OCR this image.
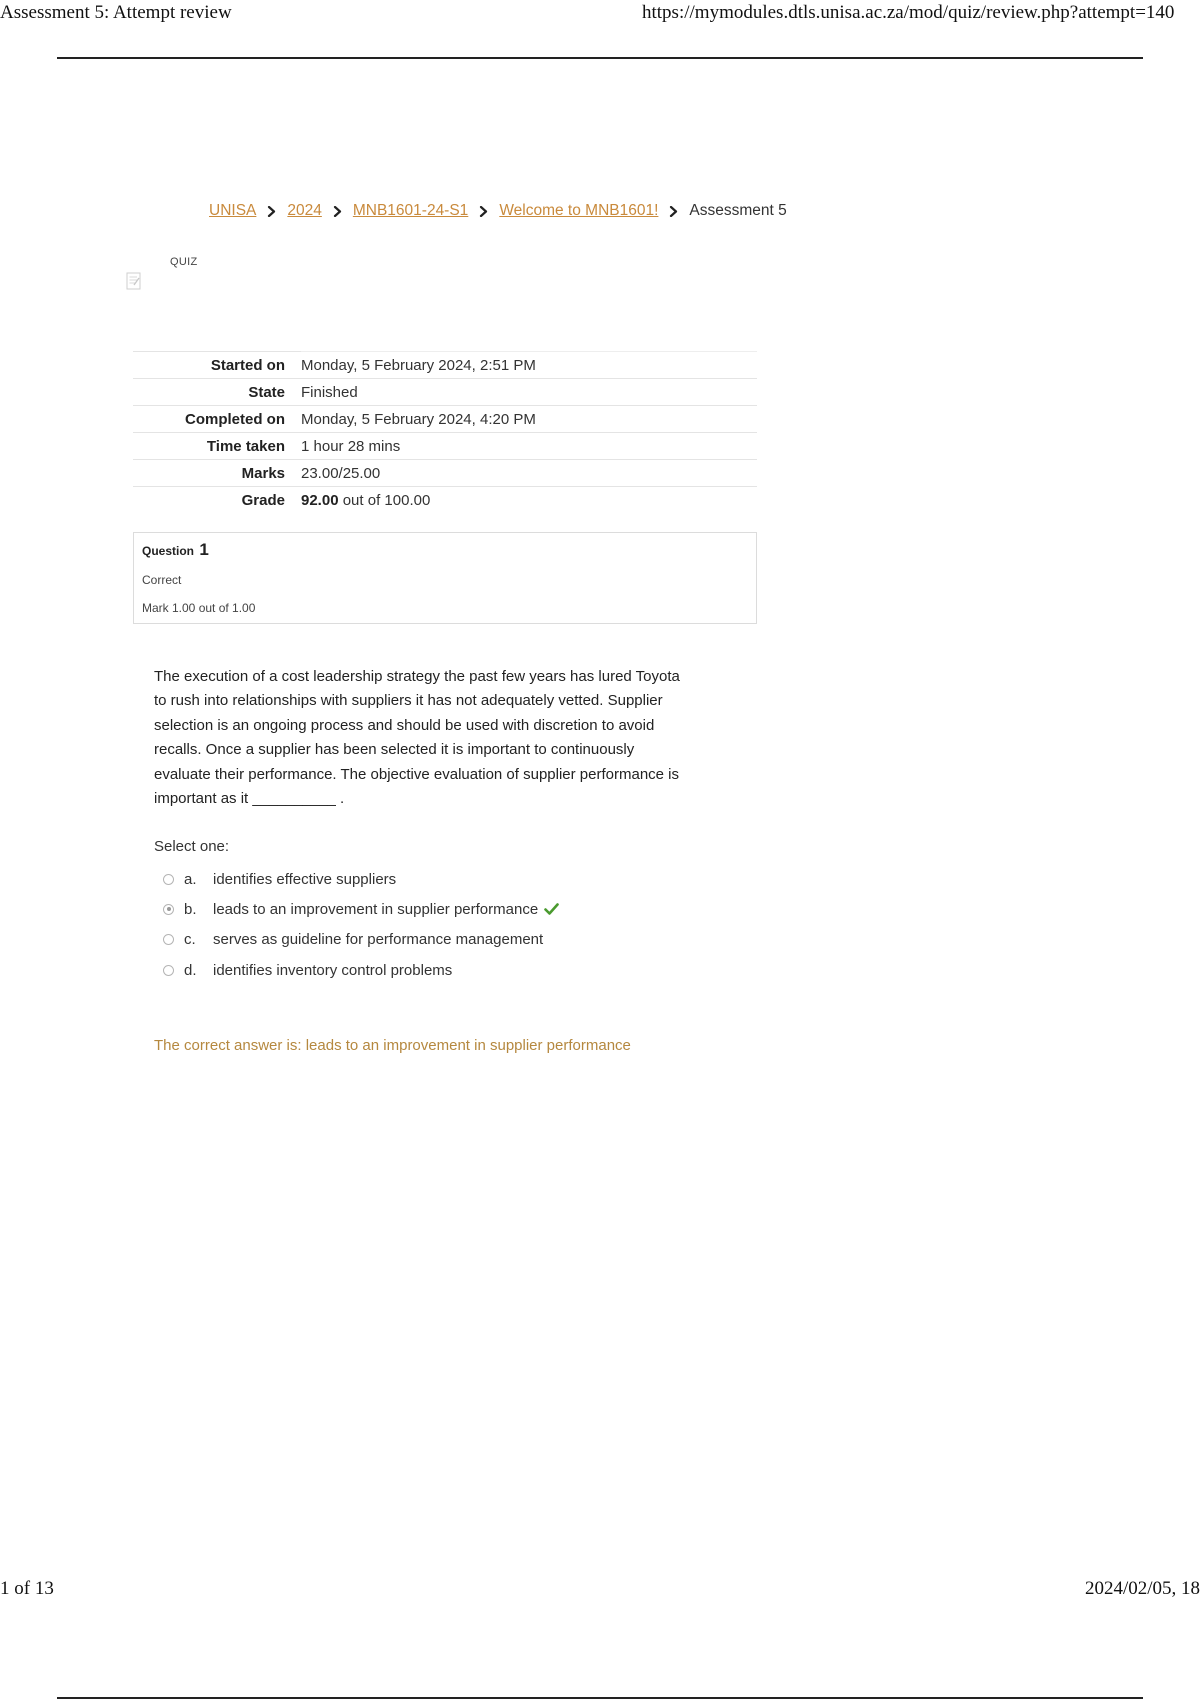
Assessment 5: Attempt review	https://mymodules.dtls.unisa.ac.za/mod/quiz/review.php?attempt=140
UNISA 2024 MNB1601-24-S1 Welcome to MNB1601! Assessment 5
QUIZ
Started on	Monday, 5 February 2024, 2:51 PM
State	Finished
Completed on	Monday, 5 February 2024, 4:20 PM
Time taken	1 hour 28 mins
Marks	23.00/25.00
Grade	92.00 out of 100.00
Question 1
Correct
Mark 1.00 out of 1.00
The execution of a cost leadership strategy the past few years has lured Toyota
to rush into relationships with suppliers it has not adequately vetted. Supplier
selection is an ongoing process and should be used with discretion to avoid
recalls. Once a supplier has been selected it is important to continuously
evaluate their performance. The objective evaluation of supplier performance is
important as it __________ .
Select one:
a.	identifies effective suppliers
b.	leads to an improvement in supplier performance
c.	serves as guideline for performance management
d.	identifies inventory control problems
The correct answer is: leads to an improvement in supplier performance
1 of 13	2024/02/05, 18
